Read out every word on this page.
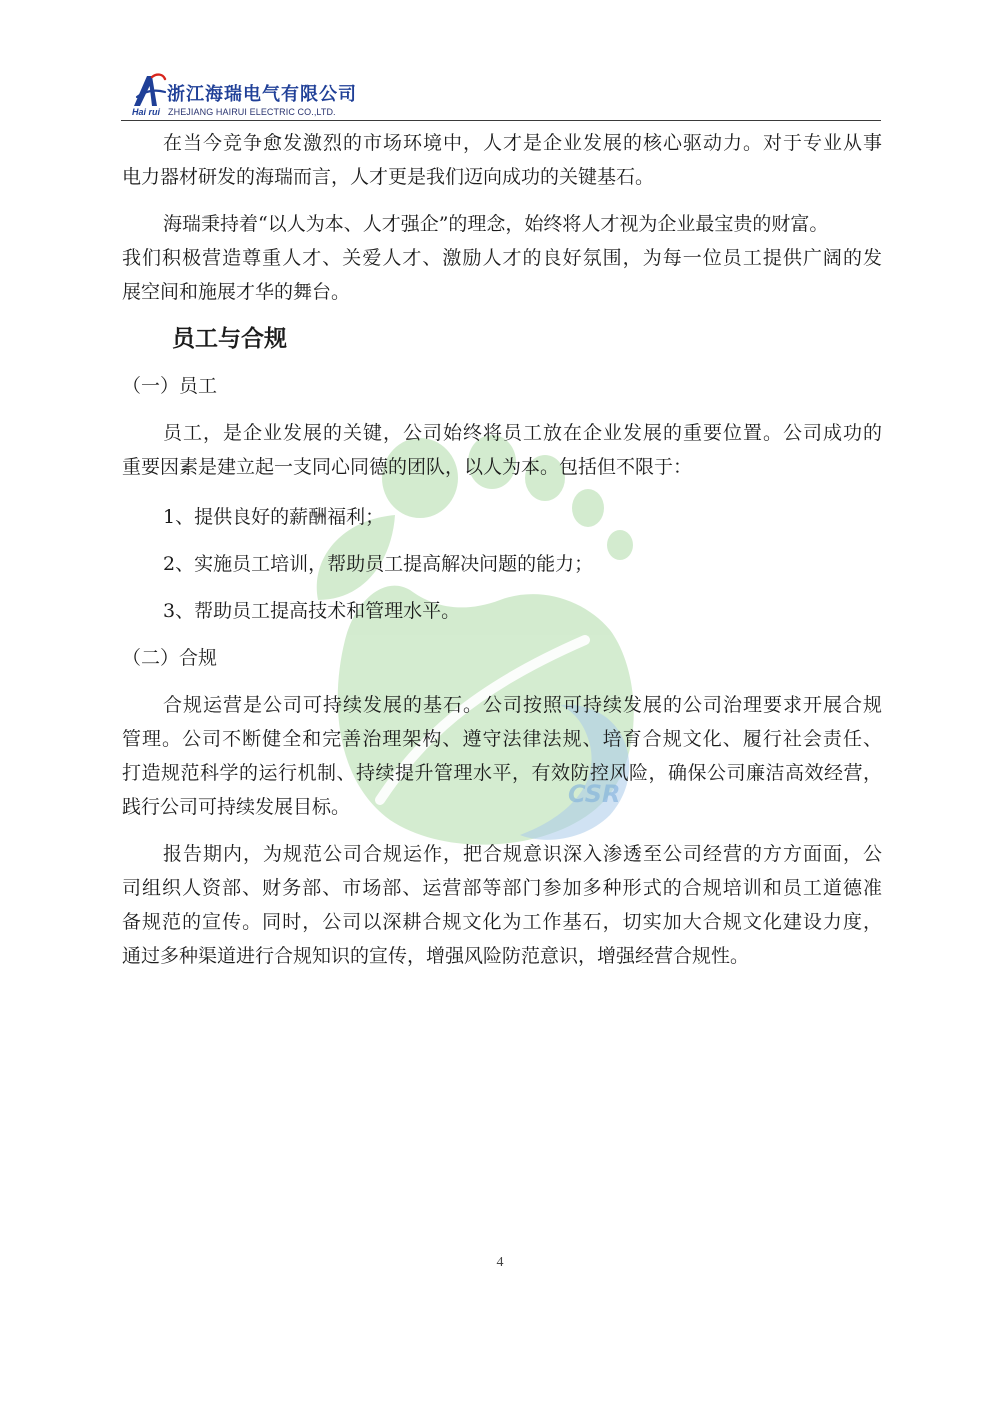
CSR
Hai rui
浙江海瑞电气有限公司
ZHEJIANG HAIRUI ELECTRIC CO.,LTD.
在当今竞争愈发激烈的市场环境中，人才是企业发展的核心驱动力。对于专业从事
电力器材研发的海瑞而言，人才更是我们迈向成功的关键基石。
海瑞秉持着“以人为本、人才强企”的理念，始终将人才视为企业最宝贵的财富。
我们积极营造尊重人才、关爱人才、激励人才的良好氛围，为每一位员工提供广阔的发
展空间和施展才华的舞台。
员工与合规
（一）员工
员工，是企业发展的关键，公司始终将员工放在企业发展的重要位置。公司成功的
重要因素是建立起一支同心同德的团队，以人为本。包括但不限于：
1、提供良好的薪酬福利；
2、实施员工培训，帮助员工提高解决问题的能力；
3、帮助员工提高技术和管理水平。
（二）合规
合规运营是公司可持续发展的基石。公司按照可持续发展的公司治理要求开展合规
管理。公司不断健全和完善治理架构、遵守法律法规、培育合规文化、履行社会责任、
打造规范科学的运行机制、持续提升管理水平，有效防控风险，确保公司廉洁高效经营，
践行公司可持续发展目标。
报告期内，为规范公司合规运作，把合规意识深入渗透至公司经营的方方面面，公
司组织人资部、财务部、市场部、运营部等部门参加多种形式的合规培训和员工道德准
备规范的宣传。同时，公司以深耕合规文化为工作基石，切实加大合规文化建设力度，
通过多种渠道进行合规知识的宣传，增强风险防范意识，增强经营合规性。
4
